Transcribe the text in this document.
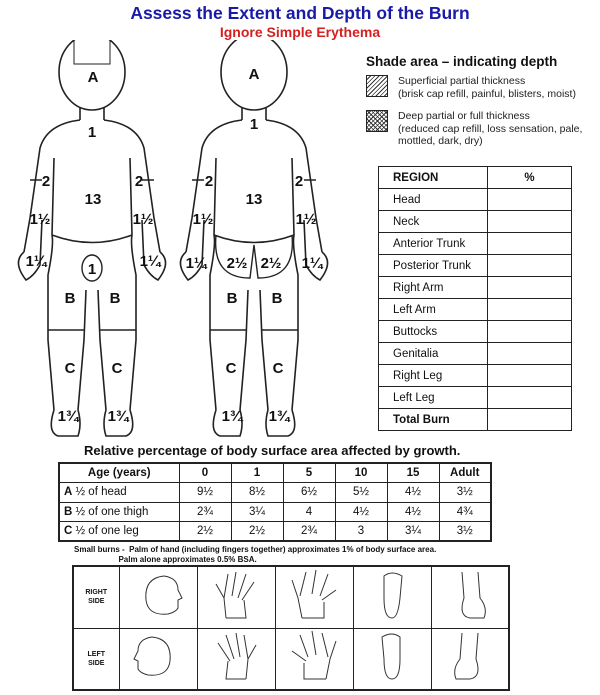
Assess the Extent and Depth of the Burn
Ignore Simple Erythema
A
1
2
13
2
1½	1½
1¼	1¼
1
B B
C C
1¾ 1¾
A
1
2
13
2
1½	1½
1¼	1¼
2½ 2½
B B
C C
1¾ 1¾
Shade area – indicating depth
Superficial partial thickness
(brisk cap refill, painful, blisters, moist)
Deep partial or full thickness
(reduced cap refill, loss sensation, pale,
mottled, dark, dry)
REGION	%
Head	
Neck	
Anterior Trunk	
Posterior Trunk	
Right Arm	
Left Arm	
Buttocks	
Genitalia	
Right Leg	
Left Leg	
Total Burn	
Relative percentage of body surface area affected by growth.
Age (years)	0	1	5	10	15	Adult
A ½ of head	9½	8½	6½	5½	4½	3½
B ½ of one thigh	2¾	3¼	4	4½	4½	4¾
C ½ of one leg	2½	2½	2¾	3	3¼	3½
Small burns -  Palm of hand (including fingers together) approximates 1% of body surface area.
Palm alone approximates 0.5% BSA.
RIGHT
SIDE

LEFT
SIDE
